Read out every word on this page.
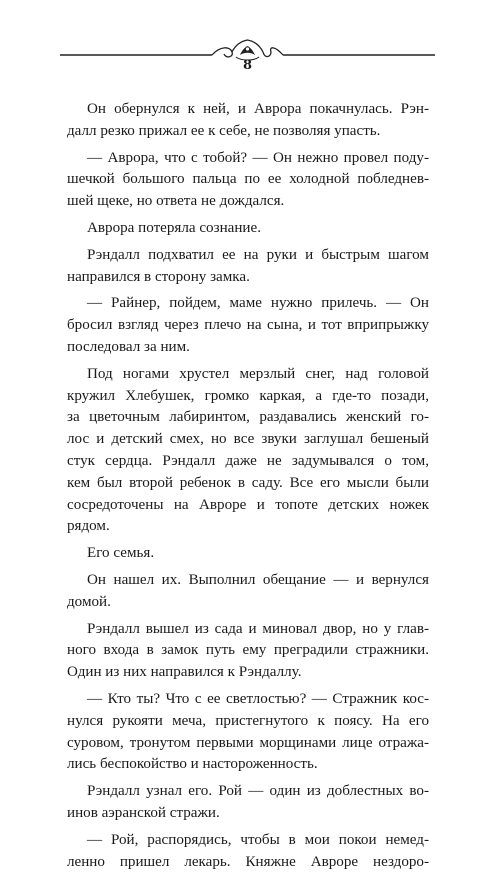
8
Он обернулся к ней, и Аврора покачнулась. Рэн-
далл резко прижал ее к себе, не позволяя упасть.
— Аврора, что с тобой? — Он нежно провел поду-
шечкой большого пальца по ее холодной побледнев-
шей щеке, но ответа не дождался.
Аврора потеряла сознание.
Рэндалл подхватил ее на руки и быстрым шагом
направился в сторону замка.
— Райнер, пойдем, маме нужно прилечь. — Он
бросил взгляд через плечо на сына, и тот вприпрыжку
последовал за ним.
Под ногами хрустел мерзлый снег, над головой
кружил Хлебушек, громко каркая, а где-то позади,
за цветочным лабиринтом, раздавались женский го-
лос и детский смех, но все звуки заглушал бешеный
стук сердца. Рэндалл даже не задумывался о том,
кем был второй ребенок в саду. Все его мысли были
сосредоточены на Авроре и топоте детских ножек
рядом.
Его семья.
Он нашел их. Выполнил обещание — и вернулся
домой.
Рэндалл вышел из сада и миновал двор, но у глав-
ного входа в замок путь ему преградили стражники.
Один из них направился к Рэндаллу.
— Кто ты? Что с ее светлостью? — Стражник кос-
нулся рукояти меча, пристегнутого к поясу. На его
суровом, тронутом первыми морщинами лице отража-
лись беспокойство и настороженность.
Рэндалл узнал его. Рой — один из доблестных во-
инов аэранской стражи.
— Рой, распорядись, чтобы в мои покои немед-
ленно пришел лекарь. Княжне Авроре нездоро-
